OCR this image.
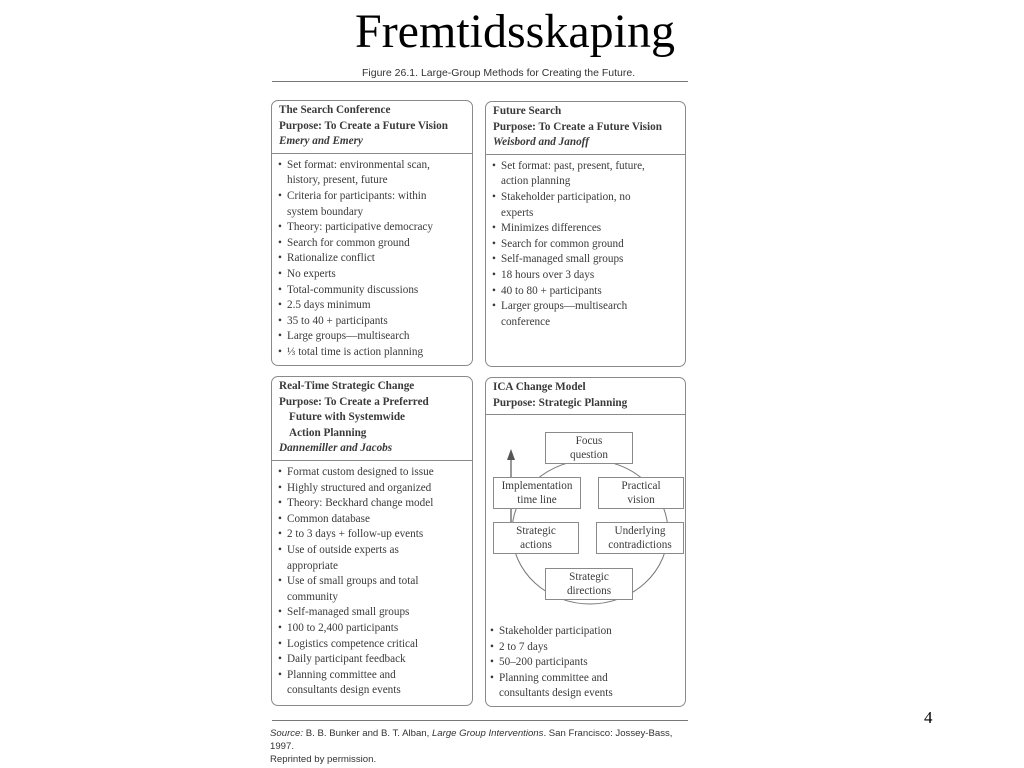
Fremtidsskaping
Figure 26.1. Large-Group Methods for Creating the Future.
The Search Conference
Purpose: To Create a Future Vision
Emery and Emery
• Set format: environmental scan,
history, present, future
• Criteria for participants: within
system boundary
• Theory: participative democracy
• Search for common ground
• Rationalize conflict
• No experts
• Total-community discussions
• 2.5 days minimum
• 35 to 40 + participants
• Large groups—multisearch
• ⅓ total time is action planning
Future Search
Purpose: To Create a Future Vision
Weisbord and Janoff
• Set format: past, present, future,
action planning
• Stakeholder participation, no
experts
• Minimizes differences
• Search for common ground
• Self-managed small groups
• 18 hours over 3 days
• 40 to 80 + participants
• Larger groups—multisearch
conference
Real-Time Strategic Change
Purpose: To Create a Preferred
Future with Systemwide
Action Planning
Dannemiller and Jacobs
• Format custom designed to issue
• Highly structured and organized
• Theory: Beckhard change model
• Common database
• 2 to 3 days + follow-up events
• Use of outside experts as
appropriate
• Use of small groups and total
community
• Self-managed small groups
• 100 to 2,400 participants
• Logistics competence critical
• Daily participant feedback
• Planning committee and
consultants design events
ICA Change Model
Purpose: Strategic Planning
Focus
question
Practical
vision
Underlying
contradictions
Strategic
directions
Strategic
actions
Implementation
time line
• Stakeholder participation
• 2 to 7 days
• 50–200 participants
• Planning committee and
consultants design events
Source: B. B. Bunker and B. T. Alban, Large Group Interventions. San Francisco: Jossey-Bass, 1997.
Reprinted by permission.
4
